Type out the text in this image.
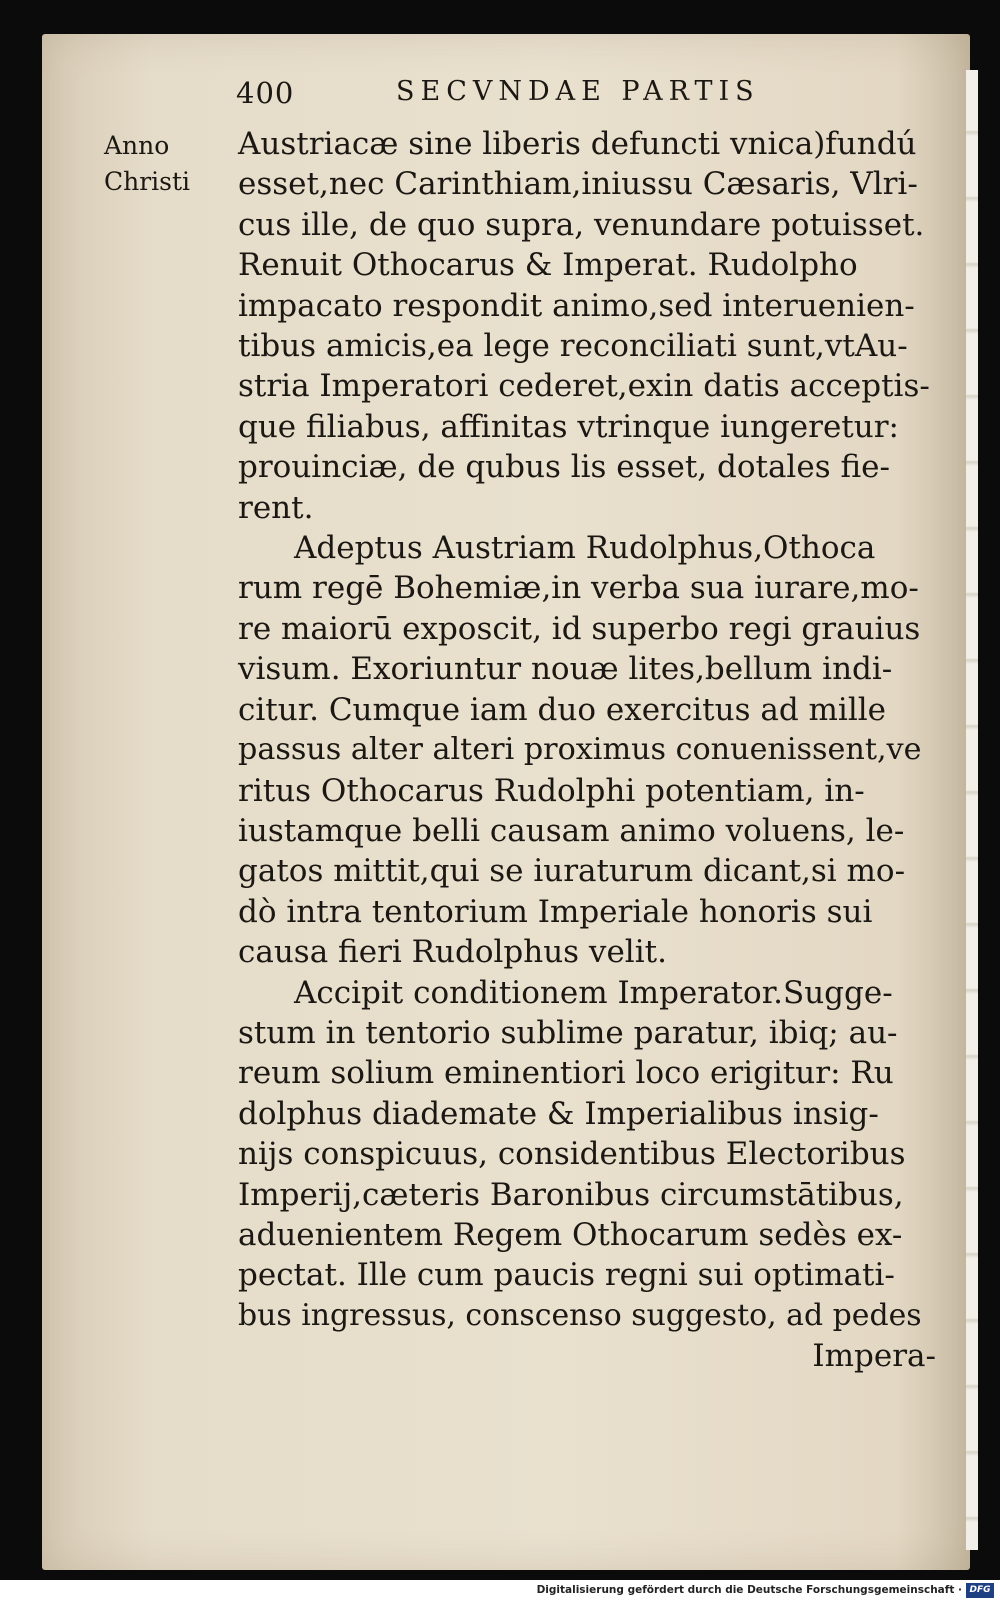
400	SECVNDAE PARTIS
Anno
Christi
Austriacæ sine liberis defuncti vnica)fundú
esset,nec Carinthiam,iniussu Cæsaris, Vlri-
cus ille, de quo supra, venundare potuisset.
Renuit Othocarus & Imperat. Rudolpho
impacato respondit animo,sed interuenien-
tibus amicis,ea lege reconciliati sunt,vtAu-
stria Imperatori cederet,exin datis acceptis-
que filiabus, affinitas vtrinque iungeretur:
prouinciæ, de qubus lis esset, dotales fie-
rent.
Adeptus Austriam Rudolphus,Othoca
rum regē Bohemiæ,in verba sua iurare,mo-
re maiorū exposcit, id superbo regi grauius
visum. Exoriuntur nouæ lites,bellum indi-
citur. Cumque iam duo exercitus ad mille
passus alter alteri proximus conuenissent,ve
ritus Othocarus Rudolphi potentiam, in-
iustamque belli causam animo voluens, le-
gatos mittit,qui se iuraturum dicant,si mo-
dò intra tentorium Imperiale honoris sui
causa fieri Rudolphus velit.
Accipit conditionem Imperator.Sugge-
stum in tentorio sublime paratur, ibiq; au-
reum solium eminentiori loco erigitur: Ru
dolphus diademate & Imperialibus insig-
nijs conspicuus, considentibus Electoribus
Imperij,cæteris Baronibus circumstātibus,
aduenientem Regem Othocarum sedès ex-
pectat. Ille cum paucis regni sui optimati-
bus ingressus, conscenso suggesto, ad pedes
Impera-
Digitalisierung gefördert durch die Deutsche Forschungsgemeinschaft · DFG
